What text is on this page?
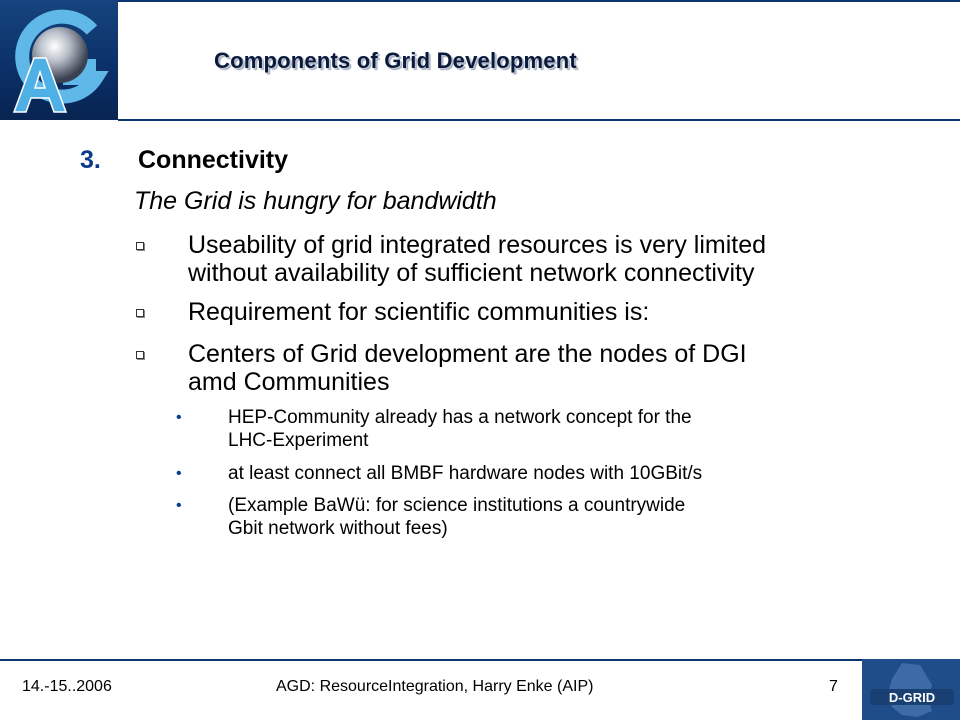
Components of Grid Development
3. Connectivity
The Grid is hungry for bandwidth
Useability of grid integrated resources is very limited
without availability of sufficient network connectivity
Requirement for scientific communities is:
Centers of Grid development are the nodes of DGI
amd Communities
• HEP-Community already has a network concept for the
LHC-Experiment
• at least connect all BMBF hardware nodes with 10GBit/s
• (Example BaWü: for science institutions a countrywide
Gbit network without fees)
14.-15..2006	AGD: ResourceIntegration, Harry Enke (AIP)	7
D-GRID
